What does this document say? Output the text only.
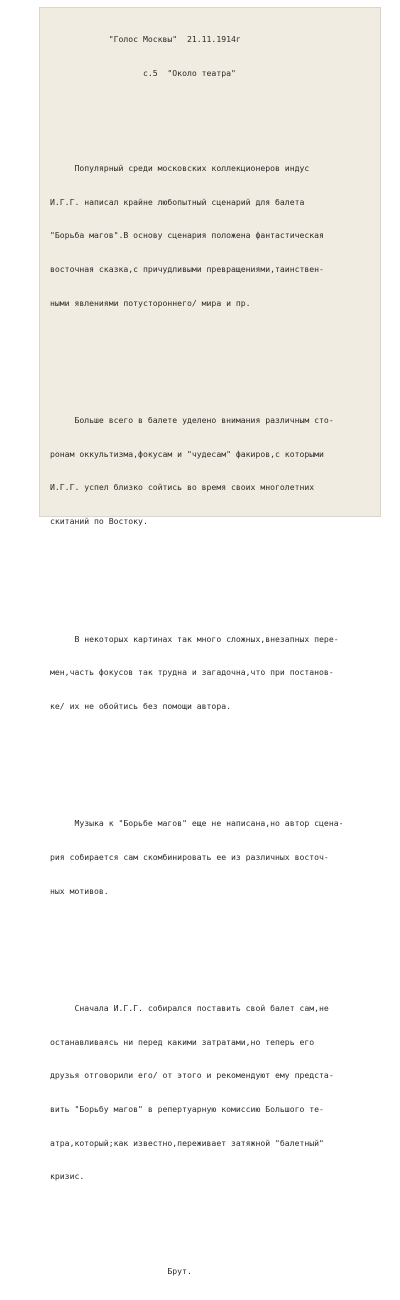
"Голос Москвы"  21.11.1914г

с.5  "Около театра"

Популярный среди московских коллекционеров индус

И.Г.Г. написал крайне любопытный сценарий для балета

"Борьба магов".В основу сценария положена фантастическая

восточная сказка,с причудливыми превращениями,таинствен-

ными явлениями потустороннего/ мира и пр.

Больше всего в балете уделено внимания различным сто-

ронам оккультизма,фокусам и "чудесам" факиров,с которыми

И.Г.Г. успел близко сойтись во время своих многолетних

скитаний по Востоку.

В некоторых картинах так много сложных,внезапных пере-

мен,часть фокусов так трудна и загадочна,что при постанов-

ке/ их не обойтись без помощи автора.

Музыка к "Борьбе магов" еще не написана,но автор сцена-

рия собирается сам скомбинировать ее из различных восточ-

ных мотивов.

Сначала И.Г.Г. собирался поставить свой балет сам,не

останавливаясь ни перед какими затратами,но теперь его

друзья отговорили его/ от этого и рекомендуют ему предста-

вить "Борьбу магов" в репертуарную комиссию Большого те-

атра,который;как известно,переживает затяжной "балетный"

кризис.

Брут.
